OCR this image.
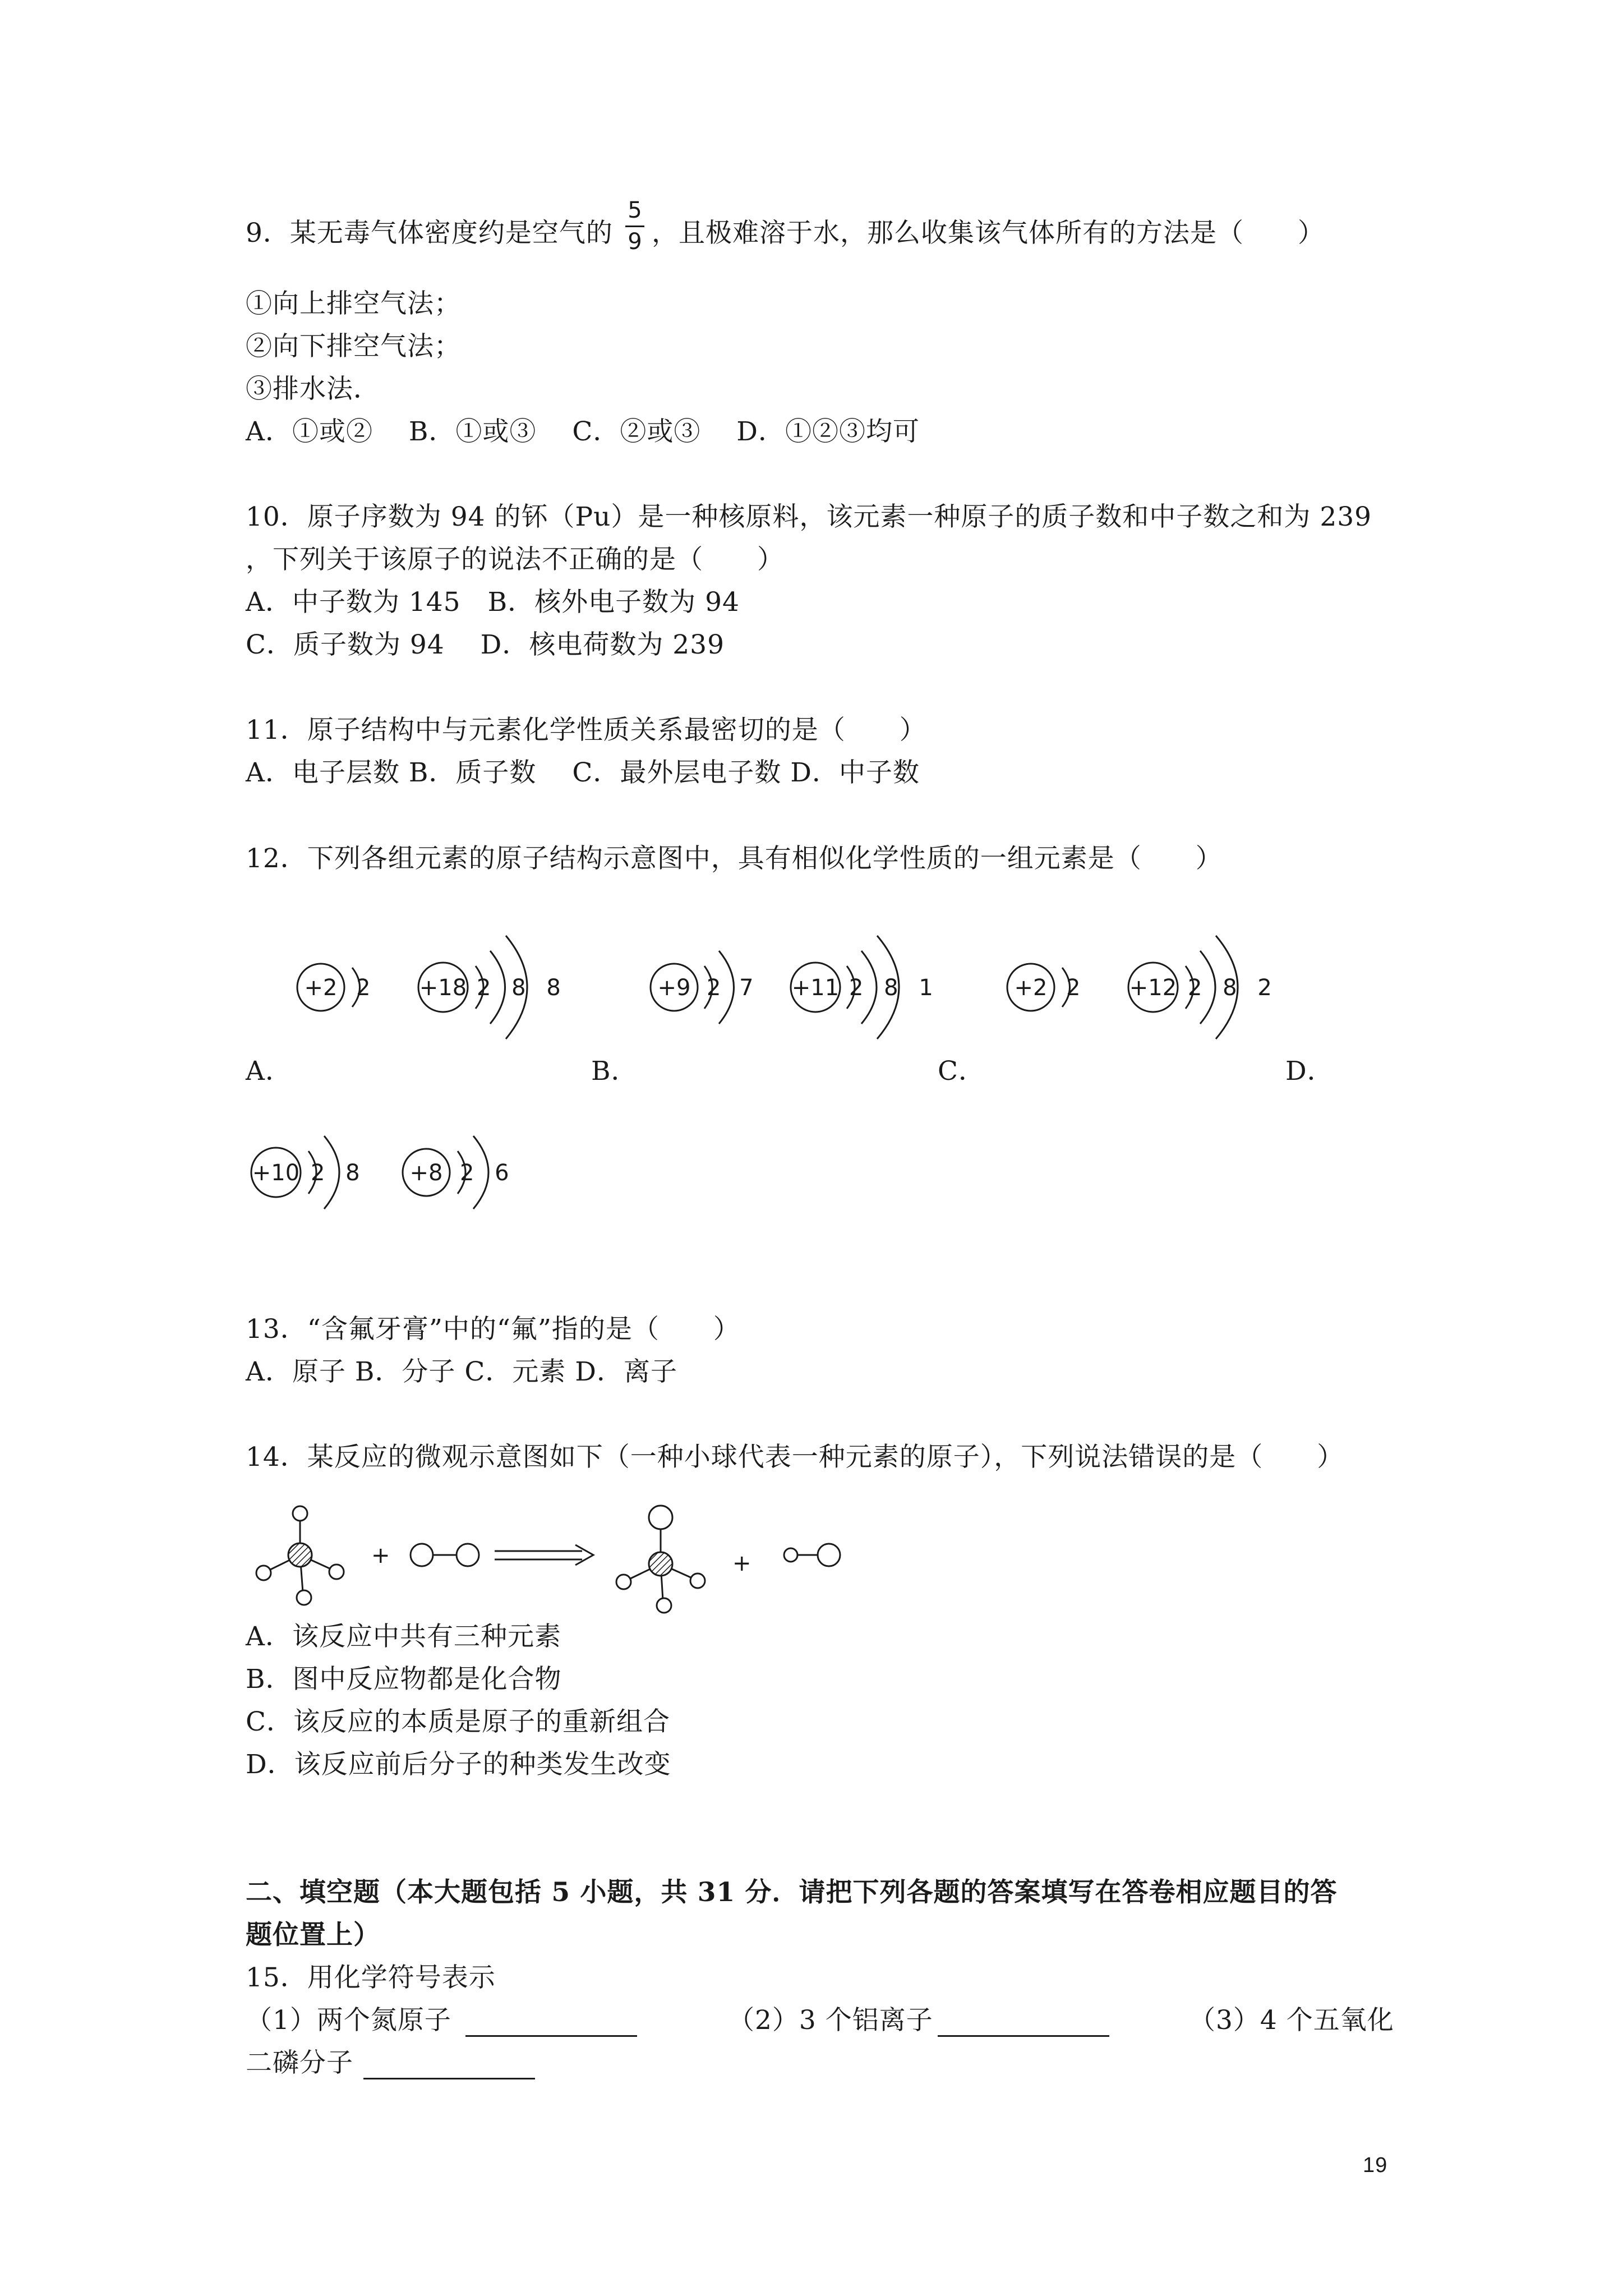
9．某无毒气体密度约是空气的
5
9 ，且极难溶于水，那么收集该气体所有的方法是（　　）
①向上排空气法；
②向下排空气法；
③排水法．
A．①或②　 B．①或③　 C．②或③　 D．①②③均可
10．原子序数为 94 的钚（Pu）是一种核原料，该元素一种原子的质子数和中子数之和为 239
，下列关于该原子的说法不正确的是（　　）
A．中子数为 145　B．核外电子数为 94
C．质子数为 94　 D．核电荷数为 239
11．原子结构中与元素化学性质关系最密切的是（　　）
A．电子层数 B．质子数　 C．最外层电子数 D．中子数
12．下列各组元素的原子结构示意图中，具有相似化学性质的一组元素是（　　）
+2 2 +18 2 8 8	+9 2 7 +11 2 8 1	+2 2 +12 2 8 2
A．	B．	C．	D．
+10 2 8 +8 2 6
13．“含氟牙膏”中的“氟”指的是（　　）
A．原子 B．分子 C．元素 D．离子
14．某反应的微观示意图如下（一种小球代表一种元素的原子），下列说法错误的是（　　）
+	+
A．该反应中共有三种元素
B．图中反应物都是化合物
C．该反应的本质是原子的重新组合
D．该反应前后分子的种类发生改变
二、填空题（本大题包括 5 小题，共 31 分．请把下列各题的答案填写在答卷相应题目的答
题位置上）
15．用化学符号表示
（1）两个氮原子	（2）3 个铝离子	（3）4 个五氧化
二磷分子
19
